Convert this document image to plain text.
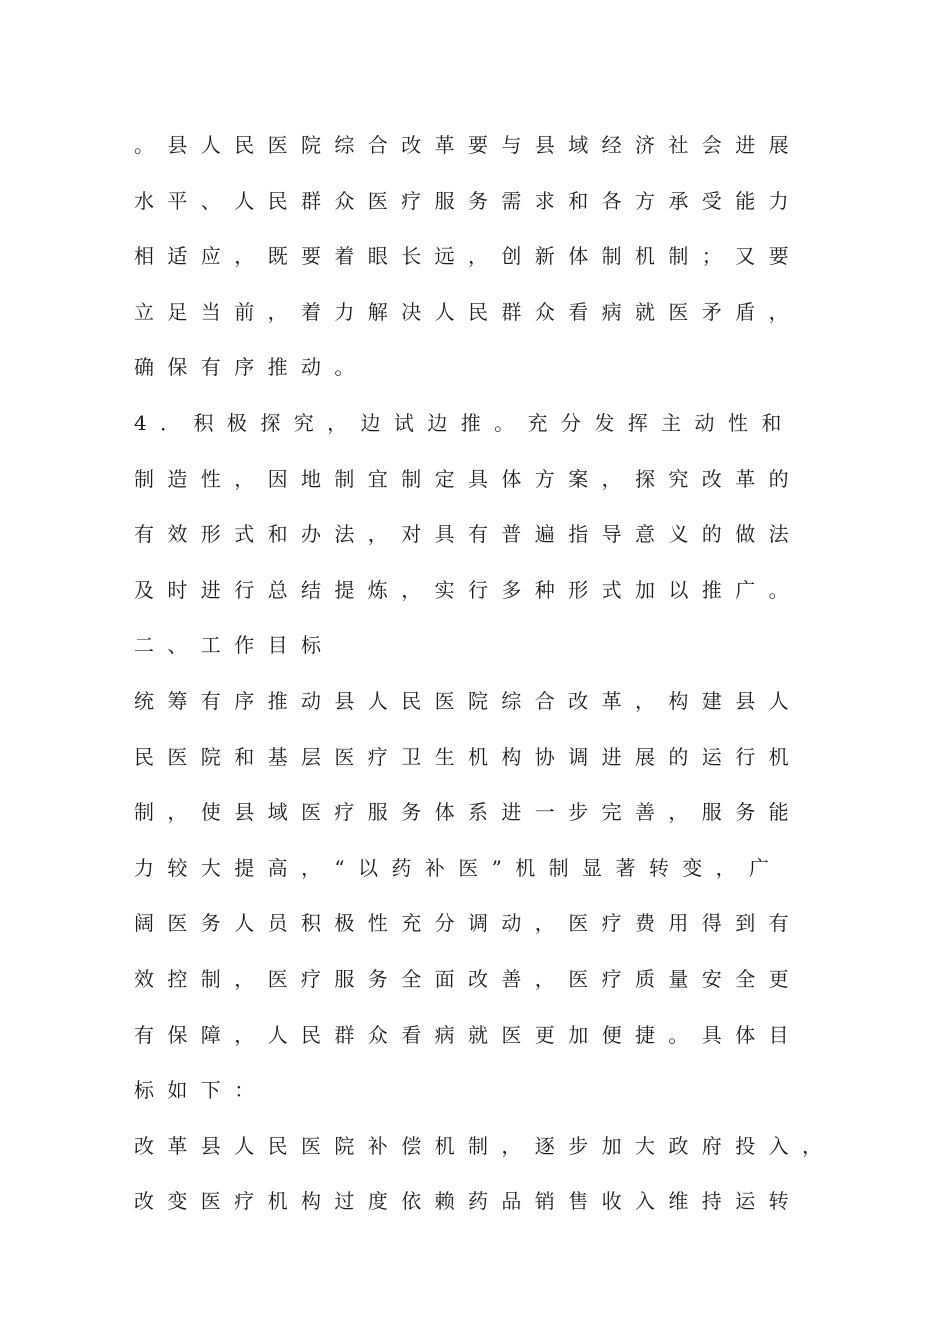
。县人民医院综合改革要与县域经济社会进展
水平、人民群众医疗服务需求和各方承受能力
相适应，既要着眼长远，创新体制机制；又要
立足当前，着力解决人民群众看病就医矛盾，
确保有序推动。
4．积极探究，边试边推。充分发挥主动性和
制造性，因地制宜制定具体方案，探究改革的
有效形式和办法，对具有普遍指导意义的做法
及时进行总结提炼，实行多种形式加以推广。
二、工作目标
统筹有序推动县人民医院综合改革，构建县人
民医院和基层医疗卫生机构协调进展的运行机
制，使县域医疗服务体系进一步完善，服务能
力较大提高，“以药补医”机制显著转变，广
阔医务人员积极性充分调动，医疗费用得到有
效控制，医疗服务全面改善，医疗质量安全更
有保障，人民群众看病就医更加便捷。具体目
标如下：
改革县人民医院补偿机制，逐步加大政府投入，
改变医疗机构过度依赖药品销售收入维持运转
